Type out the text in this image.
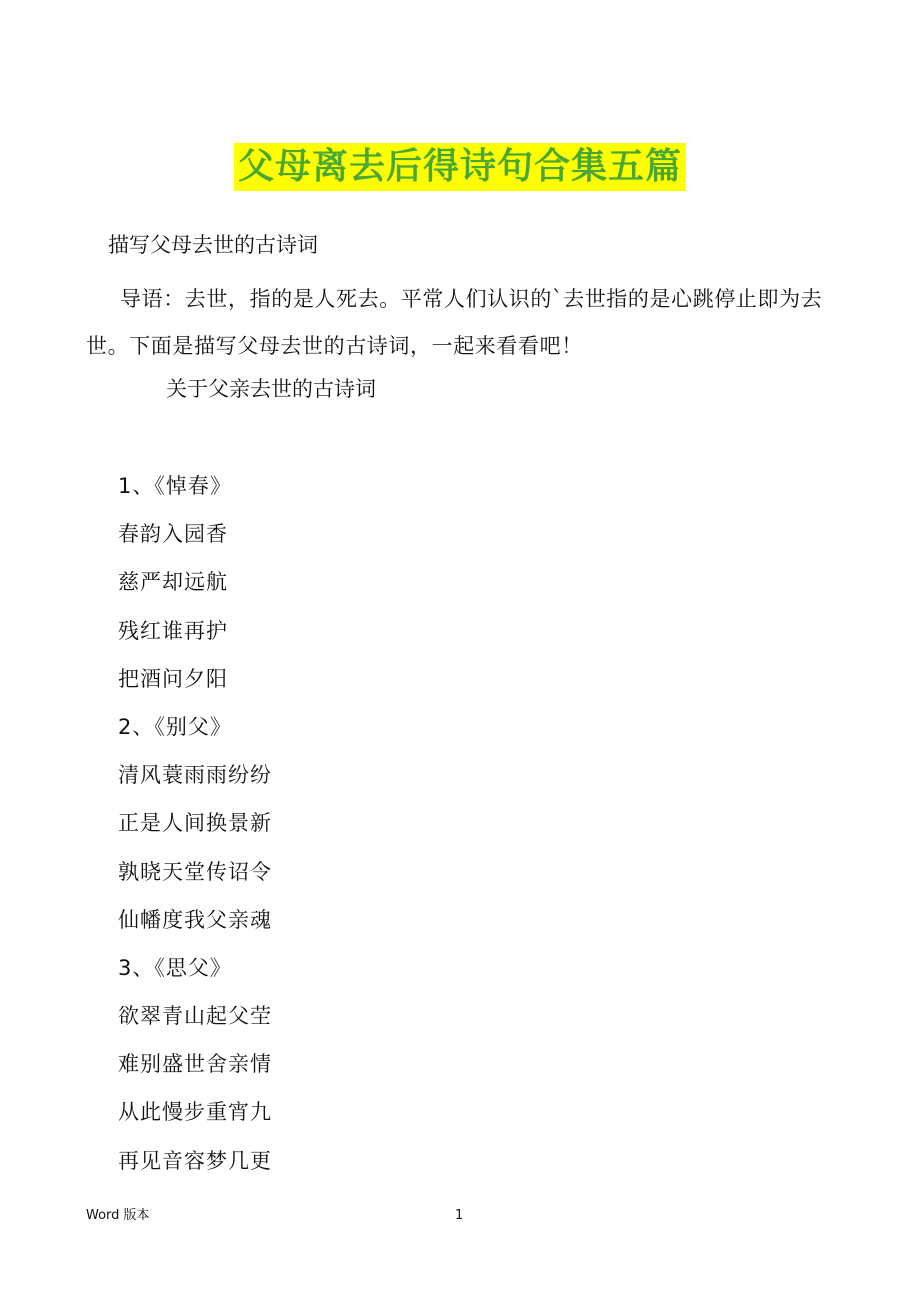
父母离去后得诗句合集五篇
描写父母去世的古诗词
导语：去世，指的是人死去。平常人们认识的`去世指的是心跳停止即为去世。下面是描写父母去世的古诗词，一起来看看吧！
关于父亲去世的古诗词
1、《悼春》
春韵入园香
慈严却远航
残红谁再护
把酒问夕阳
2、《别父》
清风蓑雨雨纷纷
正是人间换景新
孰晓天堂传诏令
仙幡度我父亲魂
3、《思父》
欲翠青山起父茔
难别盛世舍亲情
从此慢步重宵九
再见音容梦几更
Word 版本	1
